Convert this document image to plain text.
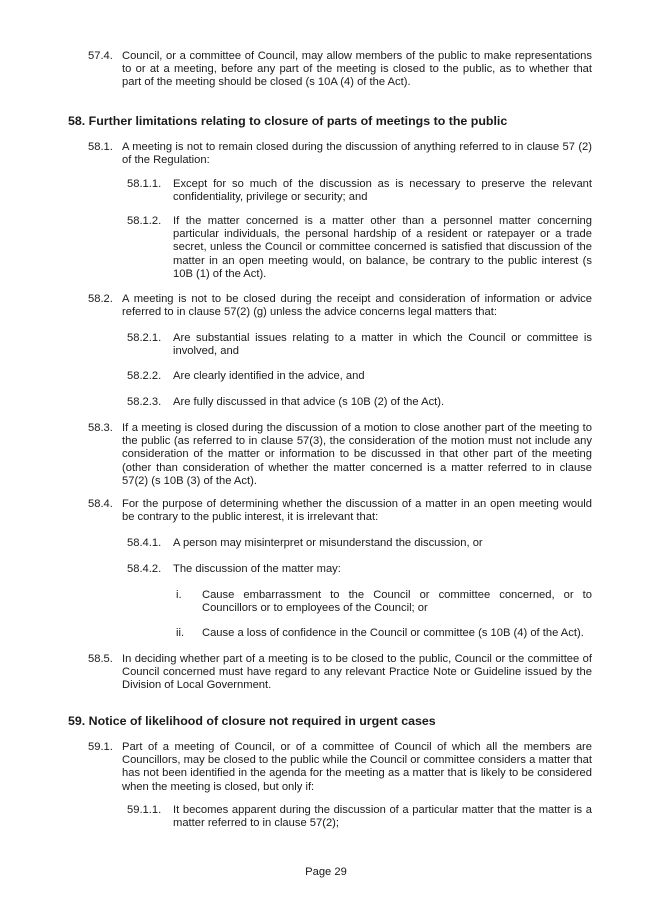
57.4. Council, or a committee of Council, may allow members of the public to make representations to or at a meeting, before any part of the meeting is closed to the public, as to whether that part of the meeting should be closed (s 10A (4) of the Act).
58. Further limitations relating to closure of parts of meetings to the public
58.1. A meeting is not to remain closed during the discussion of anything referred to in clause 57 (2) of the Regulation:
58.1.1.	Except for so much of the discussion as is necessary to preserve the relevant confidentiality, privilege or security; and
58.1.2.	If the matter concerned is a matter other than a personnel matter concerning particular individuals, the personal hardship of a resident or ratepayer or a trade secret, unless the Council or committee concerned is satisfied that discussion of the matter in an open meeting would, on balance, be contrary to the public interest (s 10B (1) of the Act).
58.2. A meeting is not to be closed during the receipt and consideration of information or advice referred to in clause 57(2) (g) unless the advice concerns legal matters that:
58.2.1.	Are substantial issues relating to a matter in which the Council or committee is involved, and
58.2.2.	Are clearly identified in the advice, and
58.2.3.	Are fully discussed in that advice (s 10B (2) of the Act).
58.3. If a meeting is closed during the discussion of a motion to close another part of the meeting to the public (as referred to in clause 57(3), the consideration of the motion must not include any consideration of the matter or information to be discussed in that other part of the meeting (other than consideration of whether the matter concerned is a matter referred to in clause 57(2) (s 10B (3) of the Act).
58.4. For the purpose of determining whether the discussion of a matter in an open meeting would be contrary to the public interest, it is irrelevant that:
58.4.1.	A person may misinterpret or misunderstand the discussion, or
58.4.2.	The discussion of the matter may:
i.	Cause embarrassment to the Council or committee concerned, or to Councillors or to employees of the Council; or
ii.	Cause a loss of confidence in the Council or committee (s 10B (4) of the Act).
58.5. In deciding whether part of a meeting is to be closed to the public, Council or the committee of Council concerned must have regard to any relevant Practice Note or Guideline issued by the Division of Local Government.
59. Notice of likelihood of closure not required in urgent cases
59.1. Part of a meeting of Council, or of a committee of Council of which all the members are Councillors, may be closed to the public while the Council or committee considers a matter that has not been identified in the agenda for the meeting as a matter that is likely to be considered when the meeting is closed, but only if:
59.1.1.	It becomes apparent during the discussion of a particular matter that the matter is a matter referred to in clause 57(2);
Page 29
